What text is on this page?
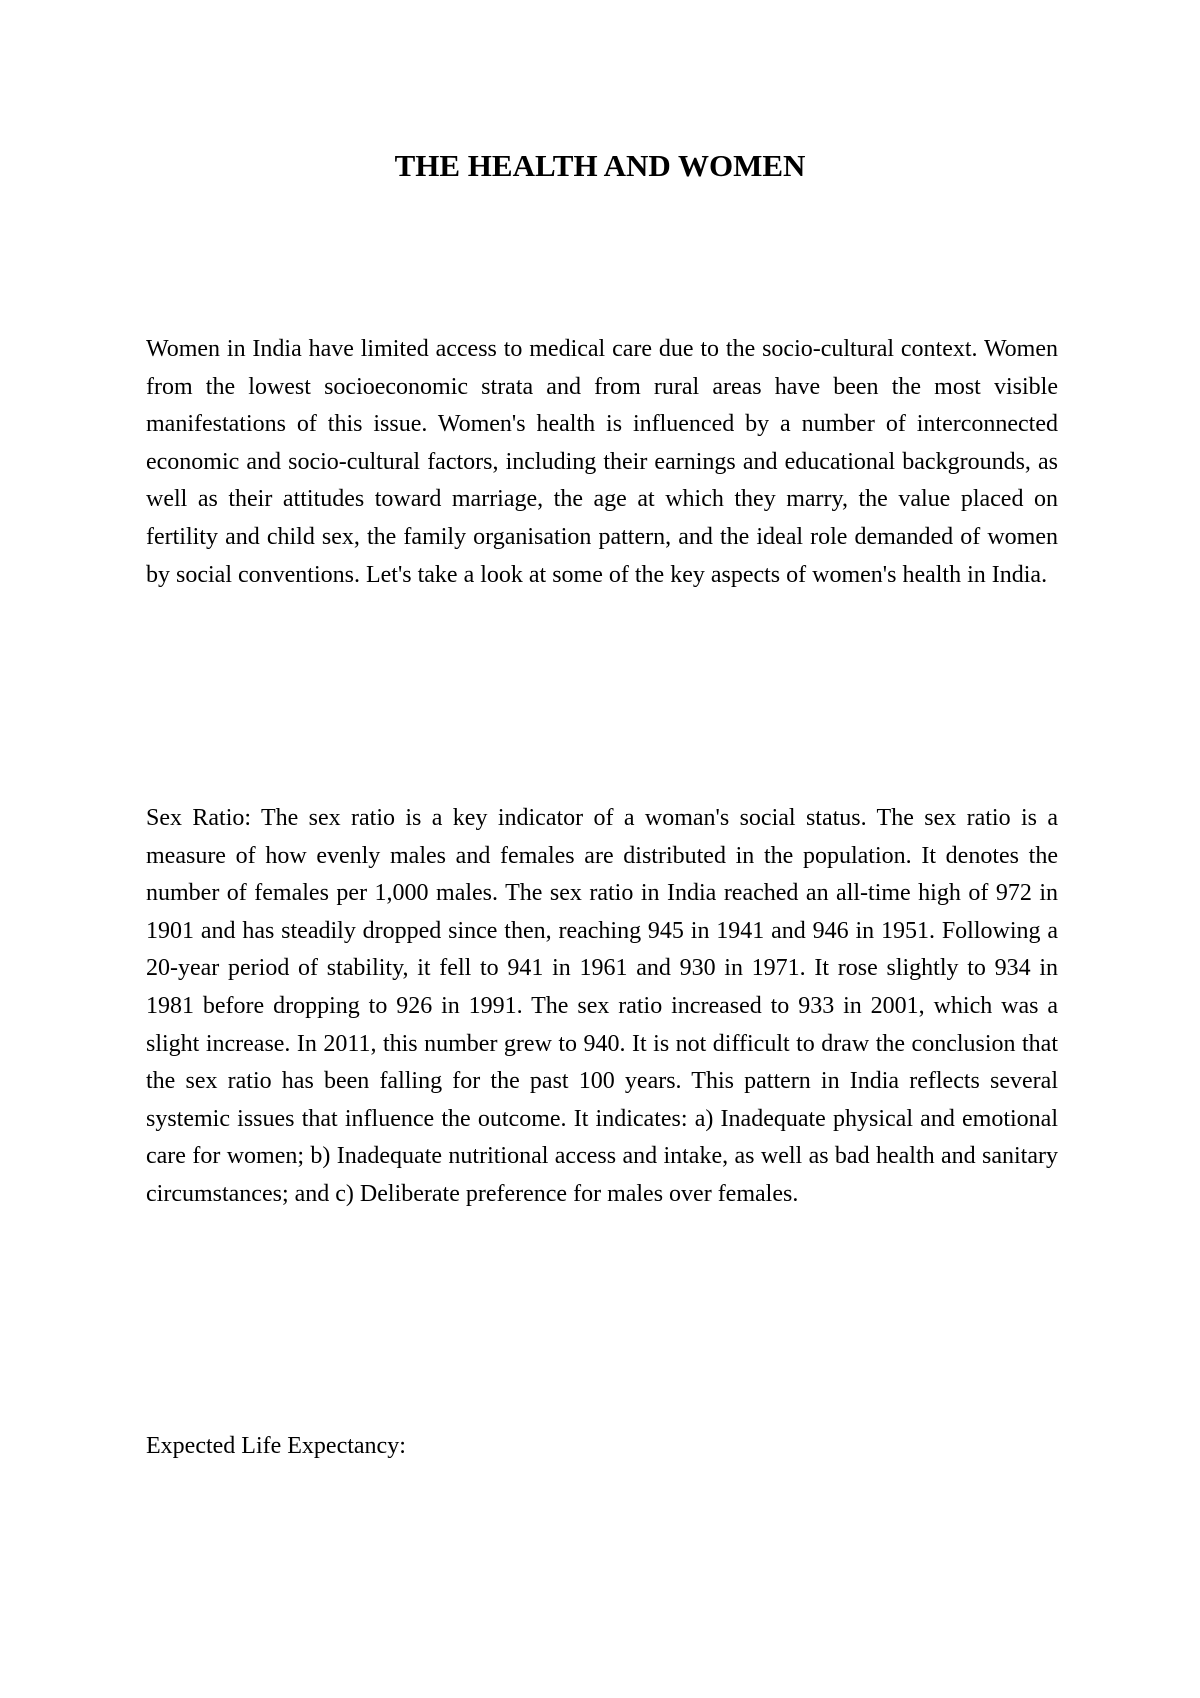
THE HEALTH AND WOMEN

Women in India have limited access to medical care due to the socio-cultural context. Women from the lowest socioeconomic strata and from rural areas have been the most visible manifestations of this issue. Women's health is influenced by a number of interconnected economic and socio-cultural factors, including their earnings and educational backgrounds, as well as their attitudes toward marriage, the age at which they marry, the value placed on fertility and child sex, the family organisation pattern, and the ideal role demanded of women by social conventions. Let's take a look at some of the key aspects of women's health in India.

Sex Ratio: The sex ratio is a key indicator of a woman's social status. The sex ratio is a measure of how evenly males and females are distributed in the population. It denotes the number of females per 1,000 males. The sex ratio in India reached an all-time high of 972 in 1901 and has steadily dropped since then, reaching 945 in 1941 and 946 in 1951. Following a 20-year period of stability, it fell to 941 in 1961 and 930 in 1971. It rose slightly to 934 in 1981 before dropping to 926 in 1991. The sex ratio increased to 933 in 2001, which was a slight increase. In 2011, this number grew to 940. It is not difficult to draw the conclusion that the sex ratio has been falling for the past 100 years. This pattern in India reflects several systemic issues that influence the outcome. It indicates: a) Inadequate physical and emotional care for women; b) Inadequate nutritional access and intake, as well as bad health and sanitary circumstances; and c) Deliberate preference for males over females.

Expected Life Expectancy:
